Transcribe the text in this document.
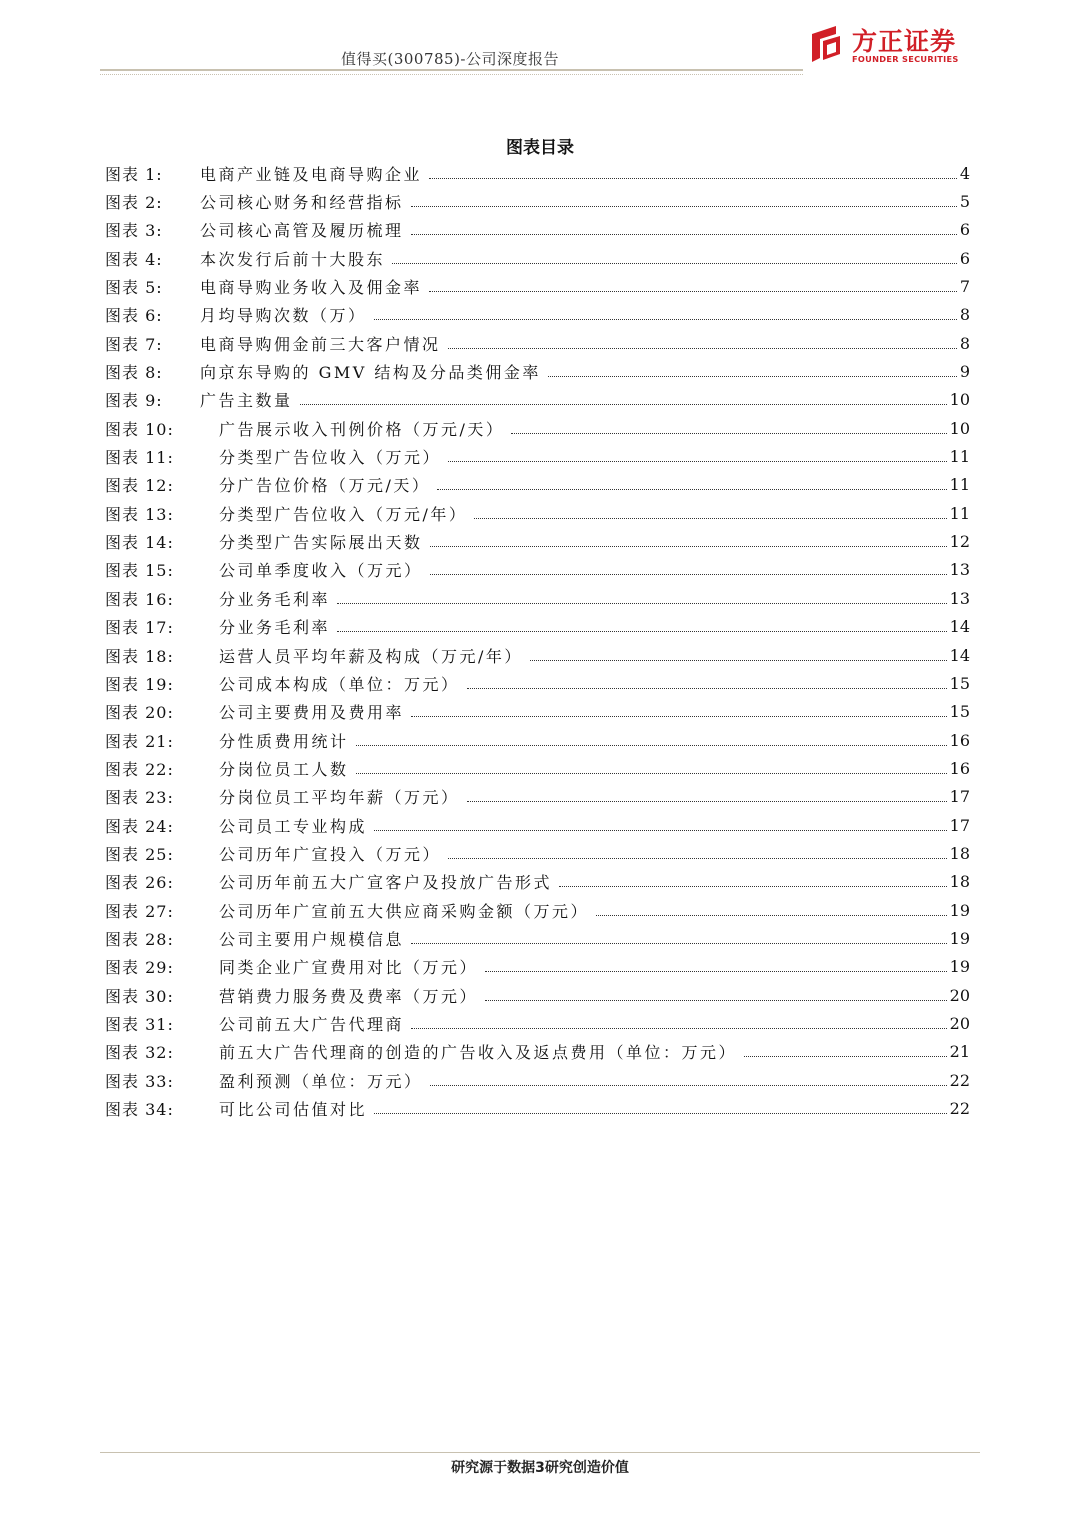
值得买(300785)-公司深度报告
方正证券
FOUNDER SECURITIES
图表目录
图表 1:	电商产业链及电商导购企业	4
图表 2:	公司核心财务和经营指标	5
图表 3:	公司核心高管及履历梳理	6
图表 4:	本次发行后前十大股东	6
图表 5:	电商导购业务收入及佣金率	7
图表 6:	月均导购次数（万）	8
图表 7:	电商导购佣金前三大客户情况	8
图表 8:	向京东导购的 GMV 结构及分品类佣金率	9
图表 9:	广告主数量	10
图表 10:	广告展示收入刊例价格（万元/天）	10
图表 11:	分类型广告位收入（万元）	11
图表 12:	分广告位价格（万元/天）	11
图表 13:	分类型广告位收入（万元/年）	11
图表 14:	分类型广告实际展出天数	12
图表 15:	公司单季度收入（万元）	13
图表 16:	分业务毛利率	13
图表 17:	分业务毛利率	14
图表 18:	运营人员平均年薪及构成（万元/年）	14
图表 19:	公司成本构成（单位：万元）	15
图表 20:	公司主要费用及费用率	15
图表 21:	分性质费用统计	16
图表 22:	分岗位员工人数	16
图表 23:	分岗位员工平均年薪（万元）	17
图表 24:	公司员工专业构成	17
图表 25:	公司历年广宣投入（万元）	18
图表 26:	公司历年前五大广宣客户及投放广告形式	18
图表 27:	公司历年广宣前五大供应商采购金额（万元）	19
图表 28:	公司主要用户规模信息	19
图表 29:	同类企业广宣费用对比（万元）	19
图表 30:	营销费力服务费及费率（万元）	20
图表 31:	公司前五大广告代理商	20
图表 32:	前五大广告代理商的创造的广告收入及返点费用（单位：万元）	21
图表 33:	盈利预测（单位：万元）	22
图表 34:	可比公司估值对比	22
研究源于数据3研究创造价值
